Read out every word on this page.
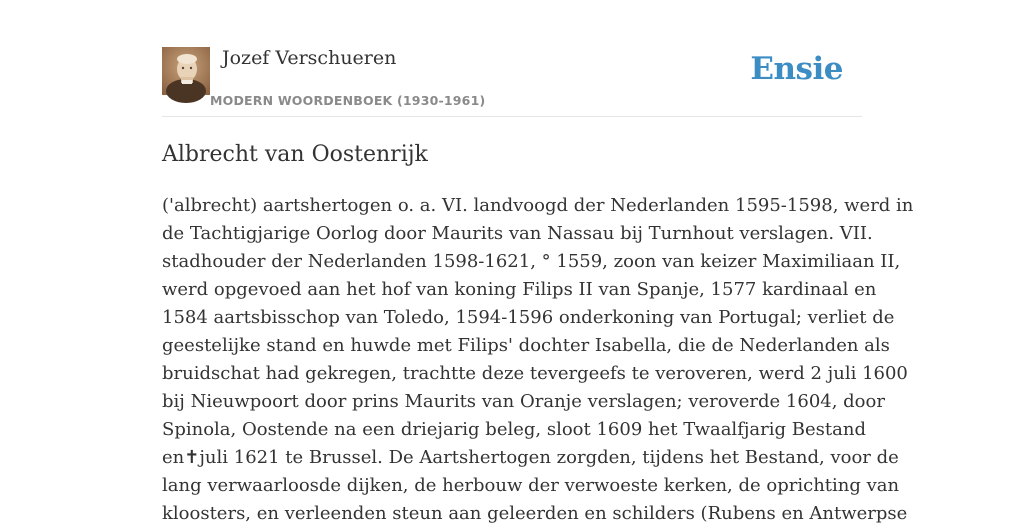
Jozef Verschueren
MODERN WOORDENBOEK (1930-1961)
Ensie
Albrecht van Oostenrijk
('albrecht) aartshertogen o. a. VI. landvoogd der Nederlanden 1595-1598, werd in
de Tachtigjarige Oorlog door Maurits van Nassau bij Turnhout verslagen. VII.
stadhouder der Nederlanden 1598-1621, ° 1559, zoon van keizer Maximiliaan II,
werd opgevoed aan het hof van koning Filips II van Spanje, 1577 kardinaal en
1584 aartsbisschop van Toledo, 1594-1596 onderkoning van Portugal; verliet de
geestelijke stand en huwde met Filips' dochter Isabella, die de Nederlanden als
bruidschat had gekregen, trachtte deze tevergeefs te veroveren, werd 2 juli 1600
bij Nieuwpoort door prins Maurits van Oranje verslagen; veroverde 1604, door
Spinola, Oostende na een driejarig beleg, sloot 1609 het Twaalfjarig Bestand
en✝juli 1621 te Brussel. De Aartshertogen zorgden, tijdens het Bestand, voor de
lang verwaarloosde dijken, de herbouw der verwoeste kerken, de oprichting van
kloosters, en verleenden steun aan geleerden en schilders (Rubens en Antwerpse
